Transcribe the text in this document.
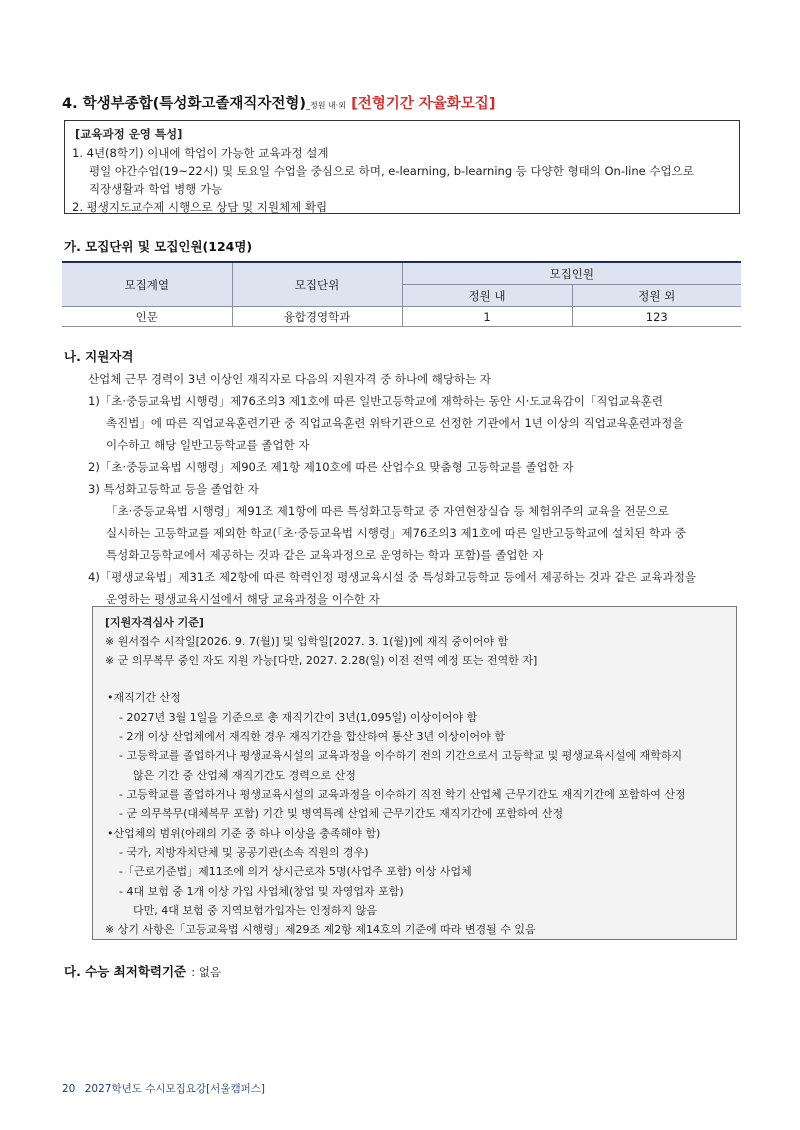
4. 학생부종합(특성화고졸재직자전형)_정원 내·외 [전형기간 자율화모집]
[교육과정 운영 특성]
1. 4년(8학기) 이내에 학업이 가능한 교육과정 설계
평일 야간수업(19~22시) 및 토요일 수업을 중심으로 하며, e-learning, b-learning 등 다양한 형태의 On-line 수업으로
직장생활과 학업 병행 가능
2. 평생지도교수제 시행으로 상담 및 지원체제 확립
가. 모집단위 및 모집인원(124명)
모집계열	모집단위	모집인원	
		정원 내	정원 외
인문	융합경영학과	1	123
나. 지원자격
산업체 근무 경력이 3년 이상인 재직자로 다음의 지원자격 중 하나에 해당하는 자
1)「초·중등교육법 시행령」제76조의3 제1호에 따른 일반고등학교에 재학하는 동안 시·도교육감이「직업교육훈련
촉진법」에 따른 직업교육훈련기관 중 직업교육훈련 위탁기관으로 선정한 기관에서 1년 이상의 직업교육훈련과정을
이수하고 해당 일반고등학교를 졸업한 자
2)「초·중등교육법 시행령」제90조 제1항 제10호에 따른 산업수요 맞춤형 고등학교를 졸업한 자
3) 특성화고등학교 등을 졸업한 자
「초·중등교육법 시행령」제91조 제1항에 따른 특성화고등학교 중 자연현장실습 등 체험위주의 교육을 전문으로
실시하는 고등학교를 제외한 학교(「초·중등교육법 시행령」제76조의3 제1호에 따른 일반고등학교에 설치된 학과 중
특성화고등학교에서 제공하는 것과 같은 교육과정으로 운영하는 학과 포함)를 졸업한 자
4)「평생교육법」제31조 제2항에 따른 학력인정 평생교육시설 중 특성화고등학교 등에서 제공하는 것과 같은 교육과정을
운영하는 평생교육시설에서 해당 교육과정을 이수한 자
[지원자격심사 기준]
※ 원서접수 시작일[2026. 9. 7(월)] 및 입학일[2027. 3. 1(월)]에 재직 중이어야 함
※ 군 의무복무 중인 자도 지원 가능[다만, 2027. 2.28(일) 이전 전역 예정 또는 전역한 자]
•재직기간 산정
- 2027년 3월 1일을 기준으로 총 재직기간이 3년(1,095일) 이상이어야 함
- 2개 이상 산업체에서 재직한 경우 재직기간을 합산하여 통산 3년 이상이어야 함
- 고등학교를 졸업하거나 평생교육시설의 교육과정을 이수하기 전의 기간으로서 고등학교 및 평생교육시설에 재학하지
않은 기간 중 산업체 재직기간도 경력으로 산정
- 고등학교를 졸업하거나 평생교육시설의 교육과정을 이수하기 직전 학기 산업체 근무기간도 재직기간에 포함하여 산정
- 군 의무복무(대체복무 포함) 기간 및 병역특례 산업체 근무기간도 재직기간에 포함하여 산정
•산업체의 범위(아래의 기준 중 하나 이상을 충족해야 함)
- 국가, 지방자치단체 및 공공기관(소속 직원의 경우)
-「근로기준법」제11조에 의거 상시근로자 5명(사업주 포함) 이상 사업체
- 4대 보험 중 1개 이상 가입 사업체(창업 및 자영업자 포함)
다만, 4대 보험 중 지역보험가입자는 인정하지 않음
※ 상기 사항은「고등교육법 시행령」제29조 제2항 제14호의 기준에 따라 변경될 수 있음
다. 수능 최저학력기준 : 없음
20 2027학년도 수시모집요강[서울캠퍼스]
